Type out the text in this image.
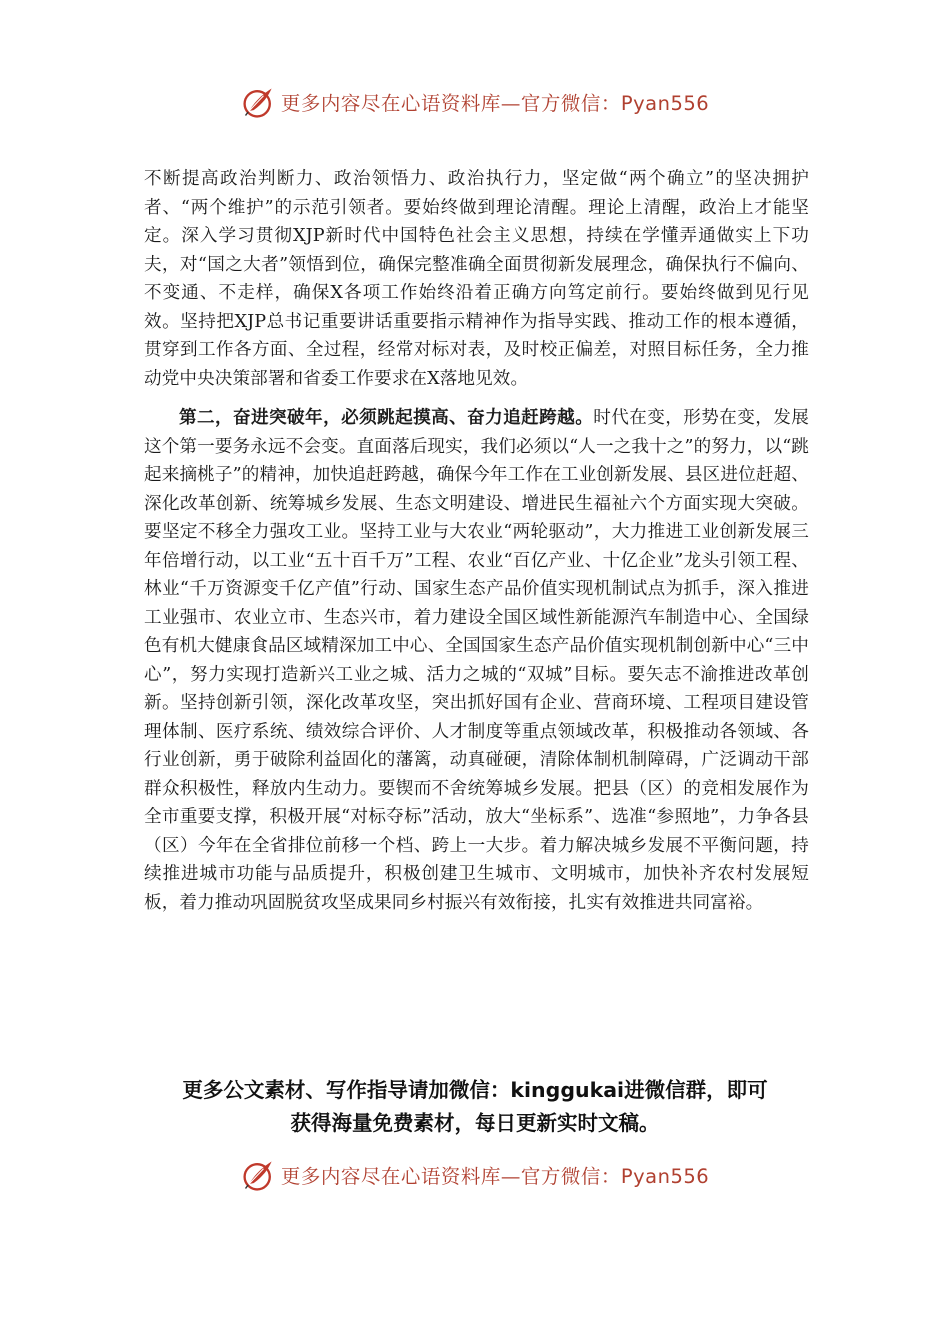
更多内容尽在心语资料库—官方微信：Pyan556

不断提高政治判断力、政治领悟力、政治执行力，坚定做“两个确立”的坚决拥护者、“两个维护”的示范引领者。要始终做到理论清醒。理论上清醒，政治上才能坚定。深入学习贯彻XJP新时代中国特色社会主义思想，持续在学懂弄通做实上下功夫，对“国之大者”领悟到位，确保完整准确全面贯彻新发展理念，确保执行不偏向、不变通、不走样，确保X各项工作始终沿着正确方向笃定前行。要始终做到见行见效。坚持把XJP总书记重要讲话重要指示精神作为指导实践、推动工作的根本遵循，贯穿到工作各方面、全过程，经常对标对表，及时校正偏差，对照目标任务，全力推动党中央决策部署和省委工作要求在X落地见效。

第二，奋进突破年，必须跳起摸高、奋力追赶跨越。时代在变，形势在变，发展这个第一要务永远不会变。直面落后现实，我们必须以“人一之我十之”的努力，以“跳起来摘桃子”的精神，加快追赶跨越，确保今年工作在工业创新发展、县区进位赶超、深化改革创新、统筹城乡发展、生态文明建设、增进民生福祉六个方面实现大突破。要坚定不移全力强攻工业。坚持工业与大农业“两轮驱动”，大力推进工业创新发展三年倍增行动，以工业“五十百千万”工程、农业“百亿产业、十亿企业”龙头引领工程、林业“千万资源变千亿产值”行动、国家生态产品价值实现机制试点为抓手，深入推进工业强市、农业立市、生态兴市，着力建设全国区域性新能源汽车制造中心、全国绿色有机大健康食品区域精深加工中心、全国国家生态产品价值实现机制创新中心“三中心”，努力实现打造新兴工业之城、活力之城的“双城”目标。要矢志不渝推进改革创新。坚持创新引领，深化改革攻坚，突出抓好国有企业、营商环境、工程项目建设管理体制、医疗系统、绩效综合评价、人才制度等重点领域改革，积极推动各领域、各行业创新，勇于破除利益固化的藩篱，动真碰硬，清除体制机制障碍，广泛调动干部群众积极性，释放内生动力。要锲而不舍统筹城乡发展。把县（区）的竞相发展作为全市重要支撑，积极开展“对标夺标”活动，放大“坐标系”、选准“参照地”，力争各县（区）今年在全省排位前移一个档、跨上一大步。着力解决城乡发展不平衡问题，持续推进城市功能与品质提升，积极创建卫生城市、文明城市，加快补齐农村发展短板，着力推动巩固脱贫攻坚成果同乡村振兴有效衔接，扎实有效推进共同富裕。

更多公文素材、写作指导请加微信：kinggukai进微信群，即可
获得海量免费素材，每日更新实时文稿。
更多内容尽在心语资料库—官方微信：Pyan556
